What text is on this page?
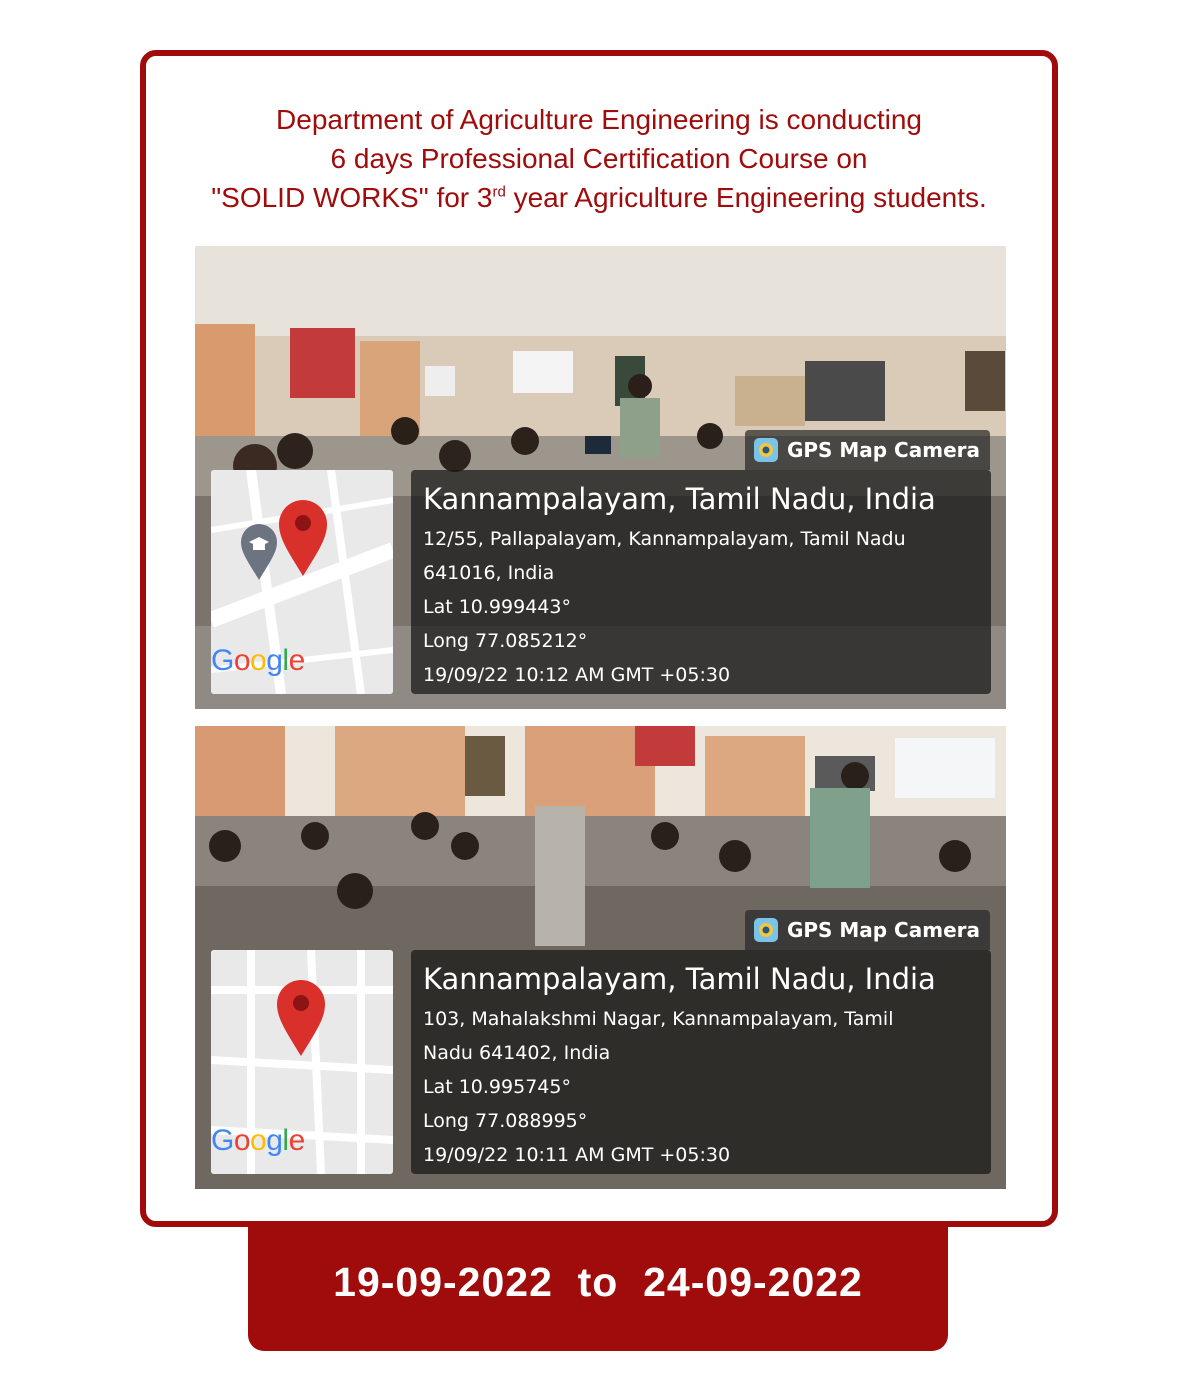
Department of Agriculture Engineering is conducting
6 days Professional Certification Course on
"SOLID WORKS" for 3rd year Agriculture Engineering students.
GPS Map Camera
Google
Kannampalayam, Tamil Nadu, India
12/55, Pallapalayam, Kannampalayam, Tamil Nadu
641016, India
Lat 10.999443°
Long 77.085212°
19/09/22 10:12 AM GMT +05:30
GPS Map Camera
Google
Kannampalayam, Tamil Nadu, India
103, Mahalakshmi Nagar, Kannampalayam, Tamil
Nadu 641402, India
Lat 10.995745°
Long 77.088995°
19/09/22 10:11 AM GMT +05:30
19-09-2022  to  24-09-2022
